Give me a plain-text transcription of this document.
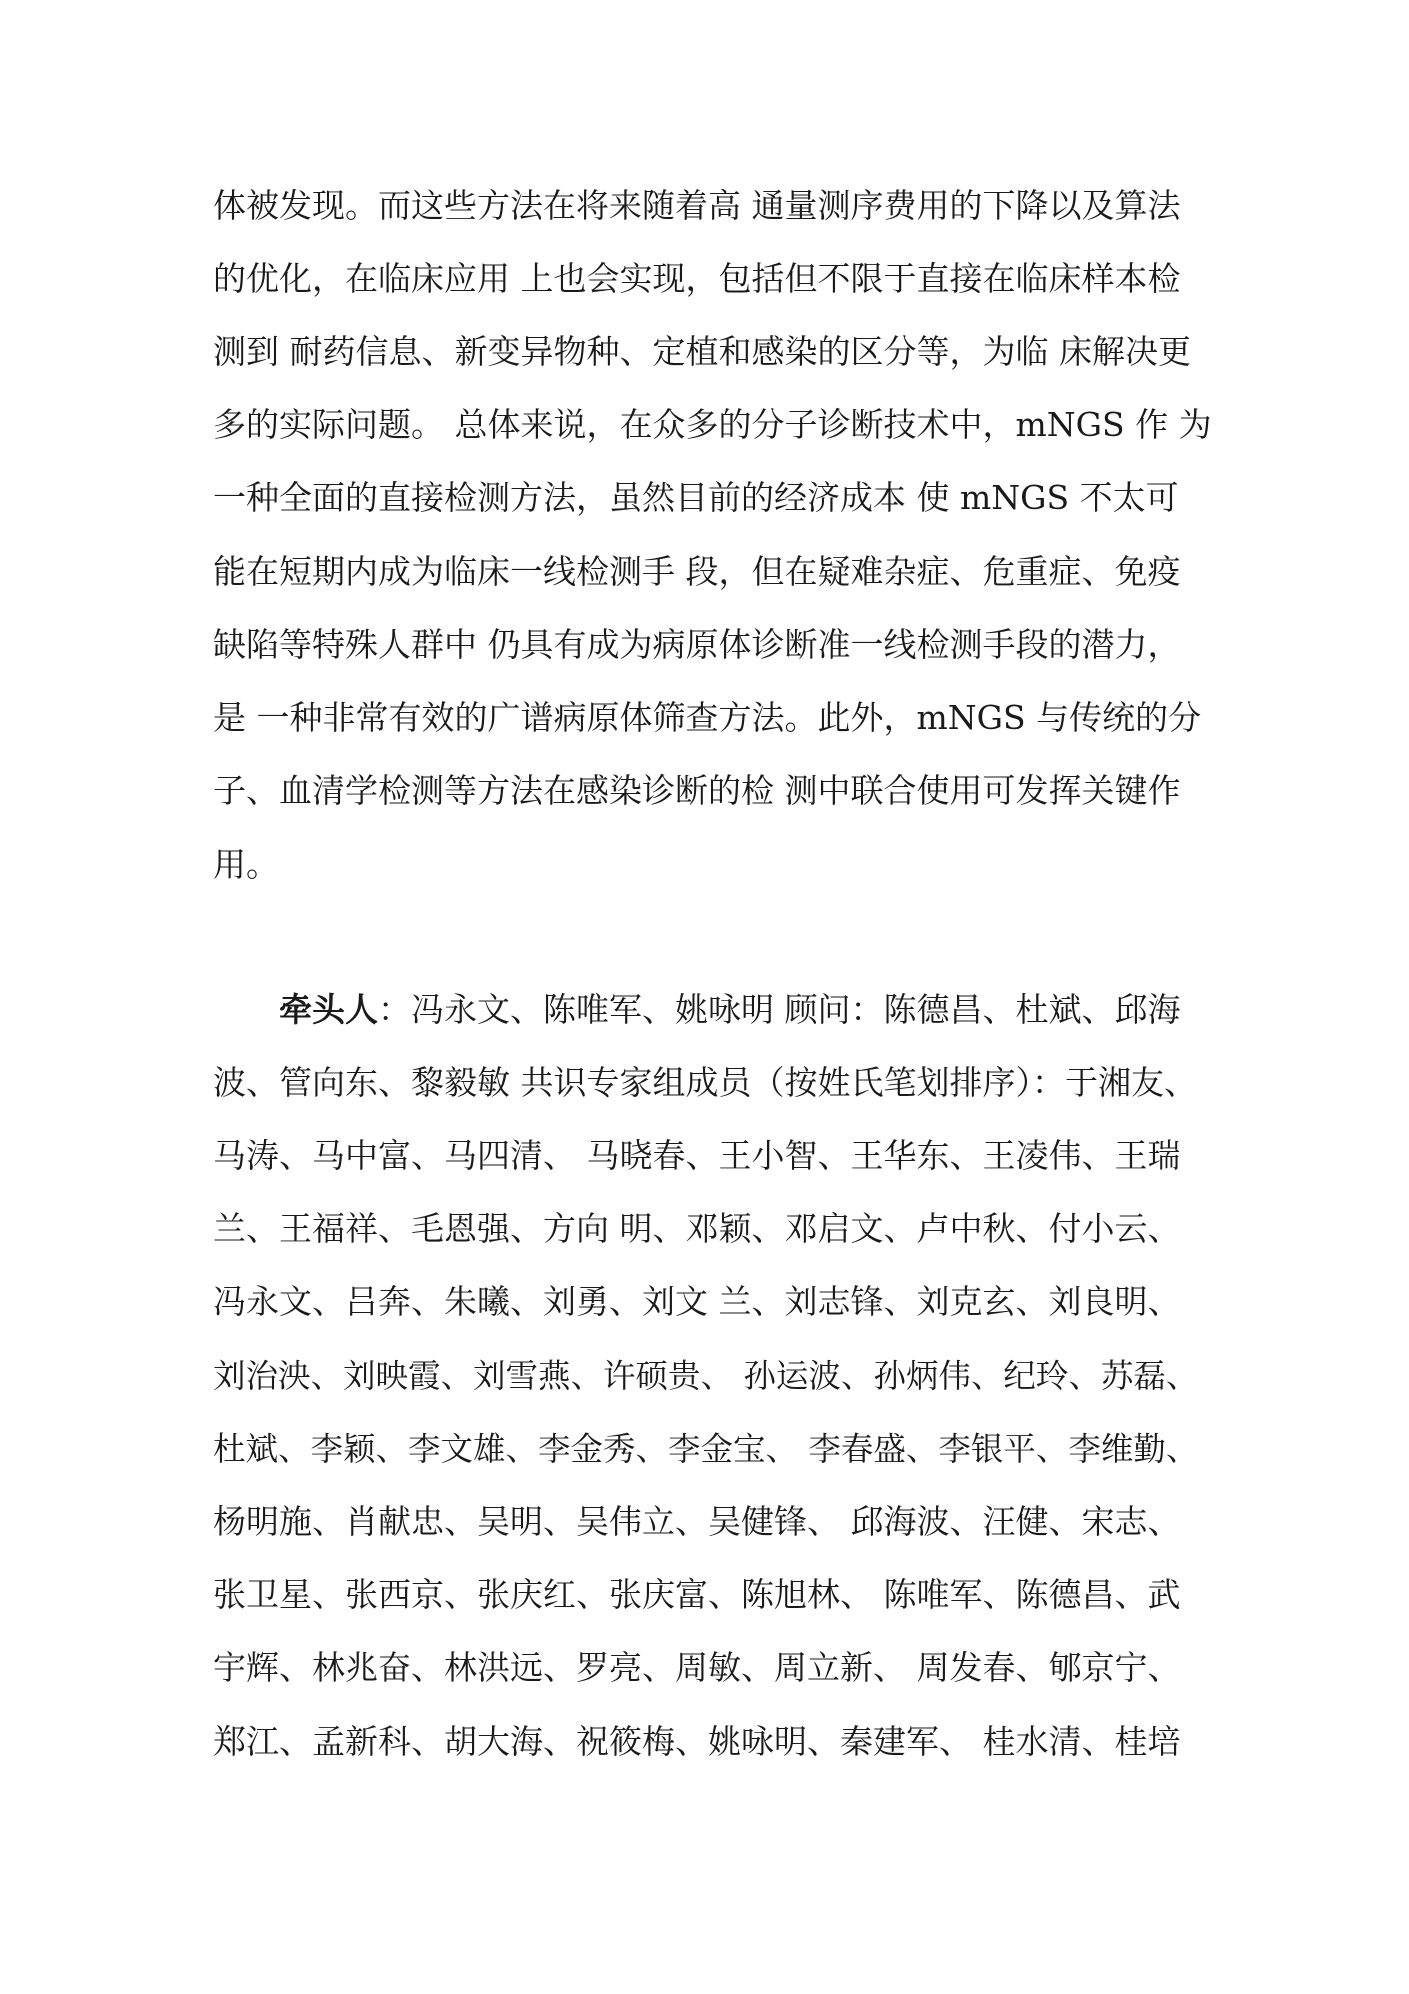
体被发现。而这些方法在将来随着高 通量测序费用的下降以及算法
的优化，在临床应用 上也会实现，包括但不限于直接在临床样本检
测到 耐药信息、新变异物种、定植和感染的区分等，为临 床解决更
多的实际问题。 总体来说，在众多的分子诊断技术中，mNGS 作 为
一种全面的直接检测方法，虽然目前的经济成本 使 mNGS 不太可
能在短期内成为临床一线检测手 段，但在疑难杂症、危重症、免疫
缺陷等特殊人群中 仍具有成为病原体诊断准一线检测手段的潜力，
是 一种非常有效的广谱病原体筛查方法。此外，mNGS 与传统的分
子、血清学检测等方法在感染诊断的检 测中联合使用可发挥关键作
用。
牵头人：冯永文、陈唯军、姚咏明 顾问：陈德昌、杜斌、邱海
波、管向东、黎毅敏 共识专家组成员（按姓氏笔划排序）：于湘友、
马涛、马中富、马四清、 马晓春、王小智、王华东、王凌伟、王瑞
兰、王福祥、毛恩强、方向 明、邓颖、邓启文、卢中秋、付小云、
冯永文、吕奔、朱曦、刘勇、刘文 兰、刘志锋、刘克玄、刘良明、
刘治泱、刘映霞、刘雪燕、许硕贵、 孙运波、孙炳伟、纪玲、苏磊、
杜斌、李颖、李文雄、李金秀、李金宝、 李春盛、李银平、李维勤、
杨明施、肖献忠、吴明、吴伟立、吴健锋、 邱海波、汪健、宋志、
张卫星、张西京、张庆红、张庆富、陈旭林、 陈唯军、陈德昌、武
宇辉、林兆奋、林洪远、罗亮、周敏、周立新、 周发春、郇京宁、
郑江、孟新科、胡大海、祝筱梅、姚咏明、秦建军、 桂水清、桂培
